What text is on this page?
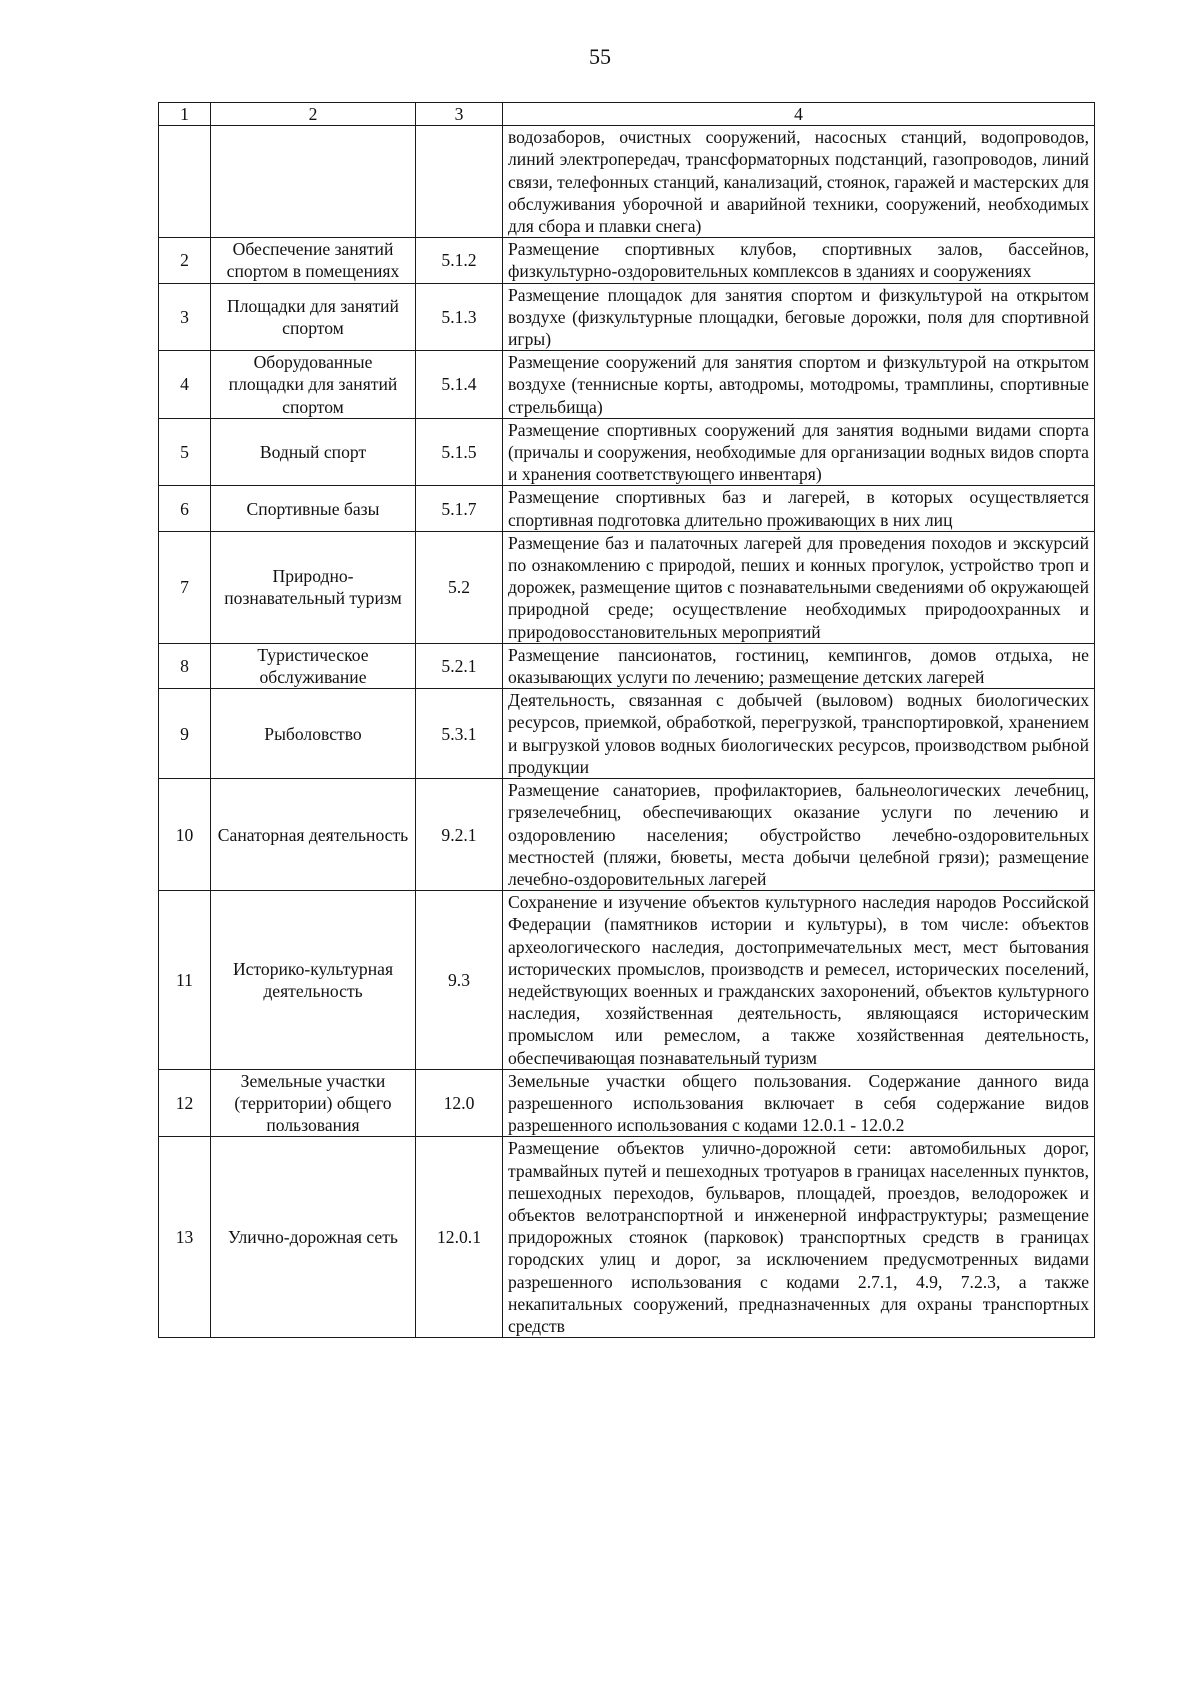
55
1	2	3	4
			водозаборов, очистных сооружений, насосных станций, водопроводов, линий электропередач, трансформаторных подстанций, газопроводов, линий связи, телефонных станций, канализаций, стоянок, гаражей и мастерских для обслуживания уборочной и аварийной техники, сооружений, необходимых для сбора и плавки снега)
2	Обеспечение занятий спортом в помещениях	5.1.2	Размещение спортивных клубов, спортивных залов, бассейнов, физкультурно-оздоровительных комплексов в зданиях и сооружениях
3	Площадки для занятий спортом	5.1.3	Размещение площадок для занятия спортом и физкультурой на открытом воздухе (физкультурные площадки, беговые дорожки, поля для спортивной игры)
4	Оборудованные площадки для занятий спортом	5.1.4	Размещение сооружений для занятия спортом и физкультурой на открытом воздухе (теннисные корты, автодромы, мотодромы, трамплины, спортивные стрельбища)
5	Водный спорт	5.1.5	Размещение спортивных сооружений для занятия водными видами спорта (причалы и сооружения, необходимые для организации водных видов спорта и хранения соответствующего инвентаря)
6	Спортивные базы	5.1.7	Размещение спортивных баз и лагерей, в которых осуществляется спортивная подготовка длительно проживающих в них лиц
7	Природно-познавательный туризм	5.2	Размещение баз и палаточных лагерей для проведения походов и экскурсий по ознакомлению с природой, пеших и конных прогулок, устройство троп и дорожек, размещение щитов с познавательными сведениями об окружающей природной среде; осуществление необходимых природоохранных и природовосстановительных мероприятий
8	Туристическое обслуживание	5.2.1	Размещение пансионатов, гостиниц, кемпингов, домов отдыха, не оказывающих услуги по лечению; размещение детских лагерей
9	Рыболовство	5.3.1	Деятельность, связанная с добычей (выловом) водных биологических ресурсов, приемкой, обработкой, перегрузкой, транспортировкой, хранением и выгрузкой уловов водных биологических ресурсов, производством рыбной продукции
10	Санаторная деятельность	9.2.1	Размещение санаториев, профилакториев, бальнеологических лечебниц, грязелечебниц, обеспечивающих оказание услуги по лечению и оздоровлению населения; обустройство лечебно-оздоровительных местностей (пляжи, бюветы, места добычи целебной грязи); размещение лечебно-оздоровительных лагерей
11	Историко-культурная деятельность	9.3	Сохранение и изучение объектов культурного наследия народов Российской Федерации (памятников истории и культуры), в том числе: объектов археологического наследия, достопримечательных мест, мест бытования исторических промыслов, производств и ремесел, исторических поселений, недействующих военных и гражданских захоронений, объектов культурного наследия, хозяйственная деятельность, являющаяся историческим промыслом или ремеслом, а также хозяйственная деятельность, обеспечивающая познавательный туризм
12	Земельные участки (территории) общего пользования	12.0	Земельные участки общего пользования. Содержание данного вида разрешенного использования включает в себя содержание видов разрешенного использования с кодами 12.0.1 - 12.0.2
13	Улично-дорожная сеть	12.0.1	Размещение объектов улично-дорожной сети: автомобильных дорог, трамвайных путей и пешеходных тротуаров в границах населенных пунктов, пешеходных переходов, бульваров, площадей, проездов, велодорожек и объектов велотранспортной и инженерной инфраструктуры; размещение придорожных стоянок (парковок) транспортных средств в границах городских улиц и дорог, за исключением предусмотренных видами разрешенного использования с кодами 2.7.1, 4.9, 7.2.3, а также некапитальных сооружений, предназначенных для охраны транспортных средств
